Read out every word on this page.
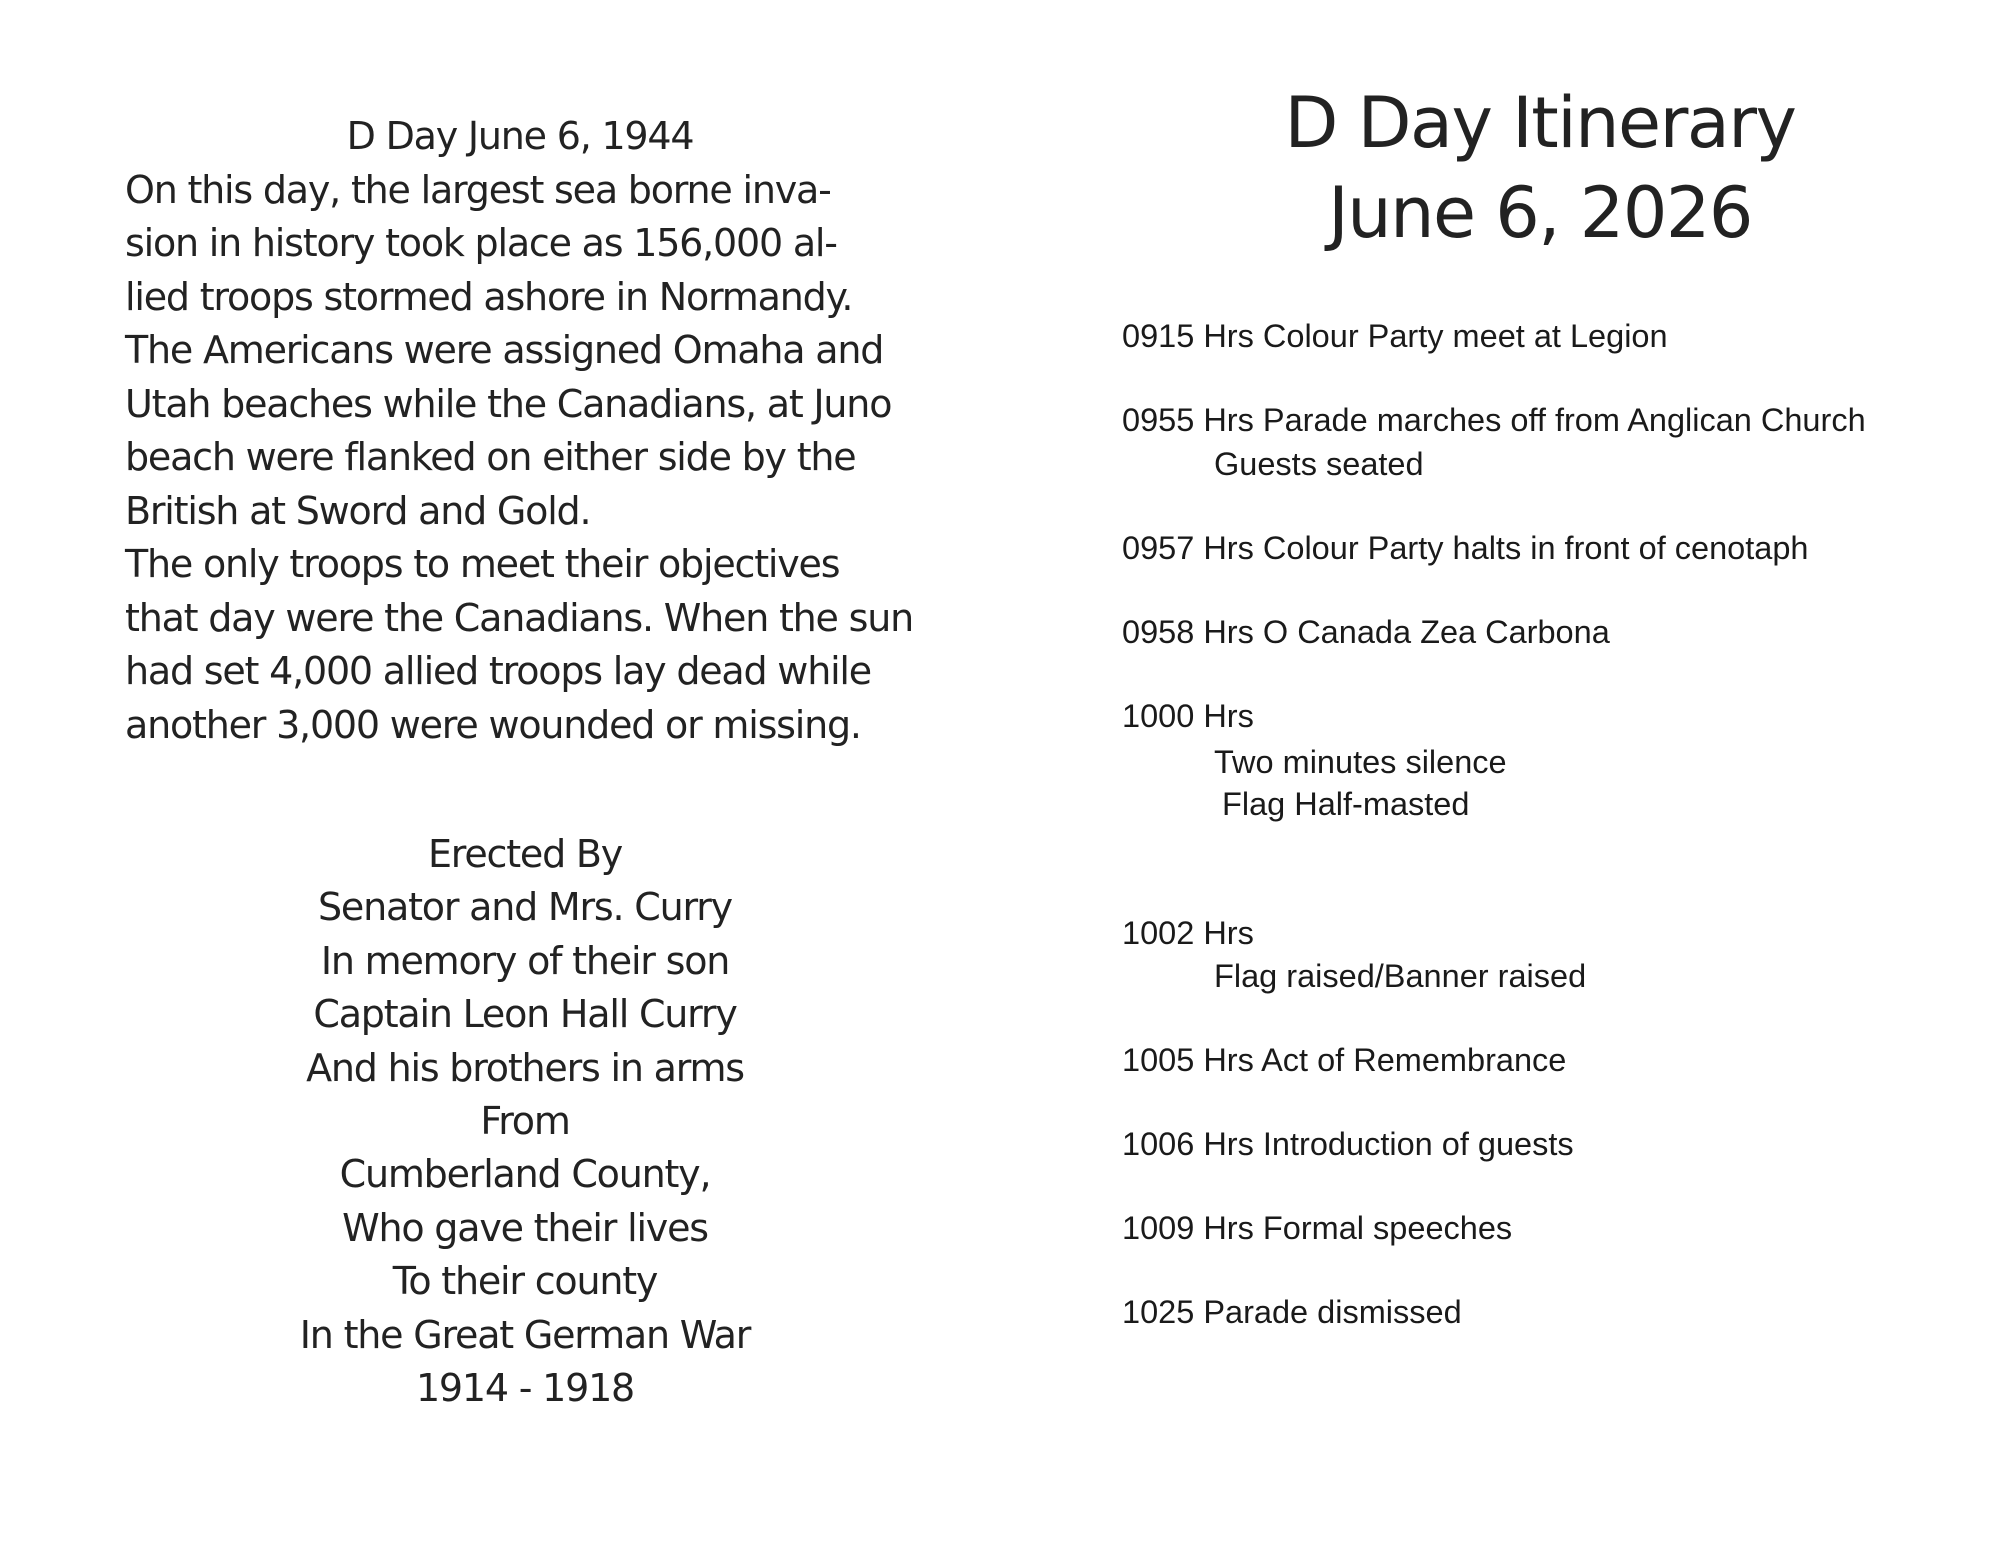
D Day June 6, 1944

On this day, the largest sea borne inva-

sion in history took place as 156,000 al-

lied troops stormed ashore in Normandy.

The Americans were assigned Omaha and

Utah beaches while the Canadians, at Juno

beach were flanked on either side by the

British at Sword and Gold.

The only troops to meet their objectives

that day were the Canadians. When the sun

had set 4,000 allied troops lay dead while

another 3,000 were wounded or missing.

Erected By

Senator and Mrs. Curry

In memory of their son

Captain Leon Hall Curry

And his brothers in arms

From

Cumberland County,

Who gave their lives

To their county

In the Great German War

1914 - 1918

D Day Itinerary

June 6, 2026

0915 Hrs Colour Party meet at Legion

0955 Hrs Parade marches off from Anglican Church

Guests seated

0957 Hrs Colour Party halts in front of cenotaph

0958 Hrs O Canada Zea Carbona

1000 Hrs

Two minutes silence

Flag Half-masted

1002 Hrs

Flag raised/Banner raised

1005 Hrs Act of Remembrance

1006 Hrs Introduction of guests

1009 Hrs Formal speeches

1025 Parade dismissed
